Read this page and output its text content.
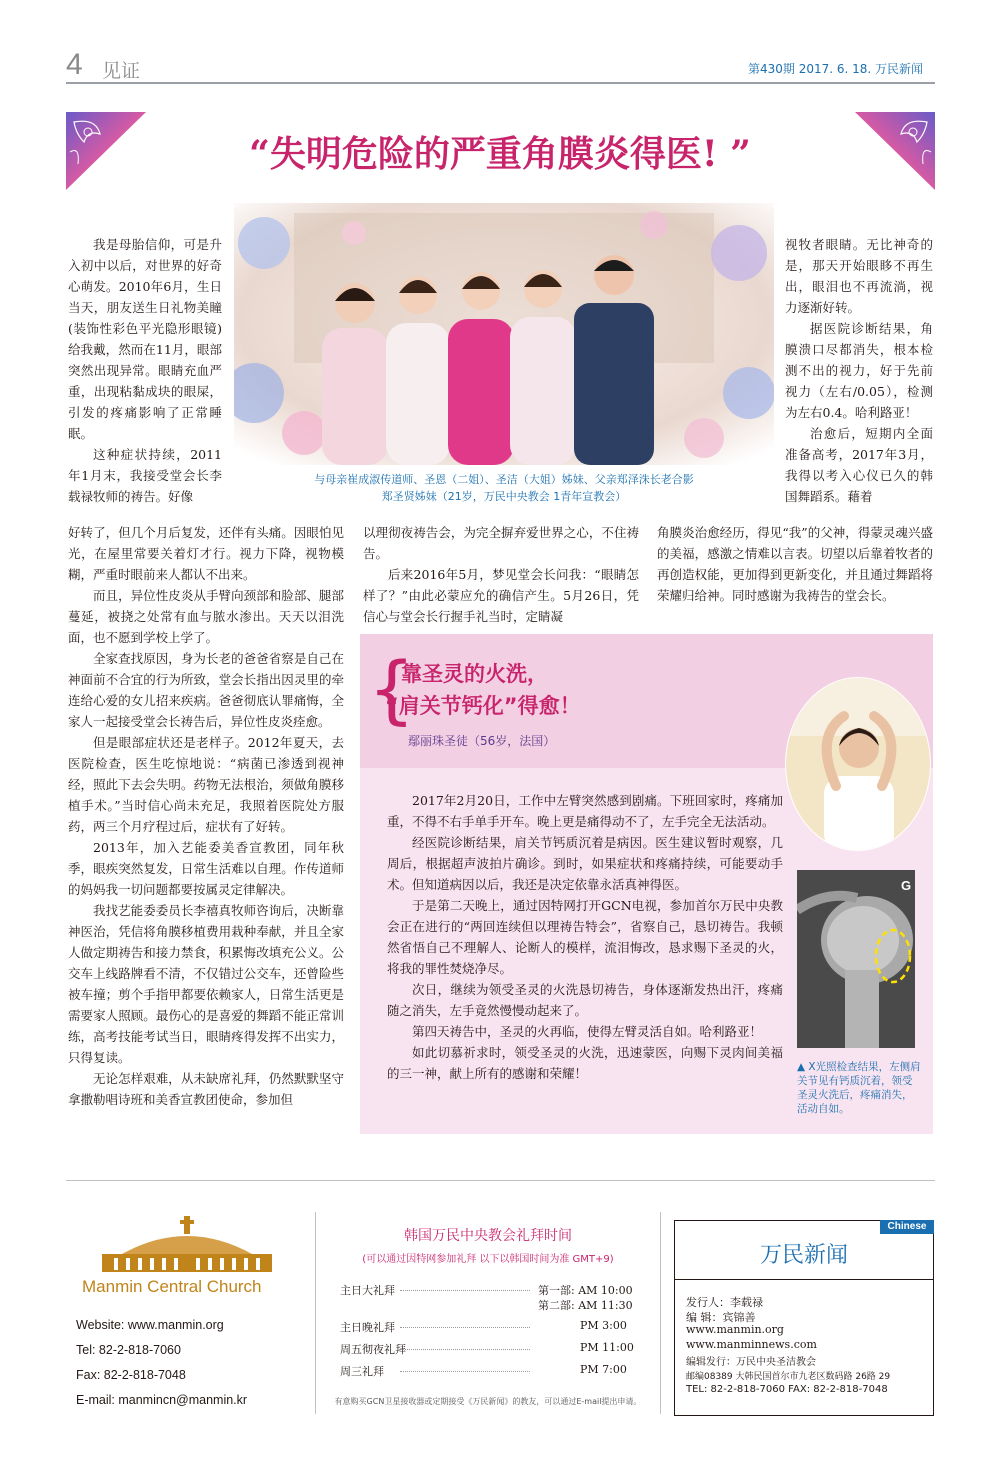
4 见证	第430期 2017. 6. 18. 万民新闻
“失明危险的严重角膜炎得医! ”
与母亲崔成淑传道师、圣恩（二姐）、圣洁（大姐）姊妹、父亲郑泽洙长老合影
郑圣贤姊妹（21岁，万民中央教会 1青年宣教会）

我是母胎信仰，可是升入初中以后，对世界的好奇心萌发。2010年6月，生日当天，朋友送生日礼物美瞳(装饰性彩色平光隐形眼镜)给我戴，然而在11月，眼部突然出现异常。眼睛充血严重，出现粘黏成块的眼屎，引发的疼痛影响了正常睡眠。

这种症状持续，2011年1月末，我接受堂会长李载禄牧师的祷告。好像

视牧者眼睛。无比神奇的是，那天开始眼眵不再生出，眼泪也不再流淌，视力逐渐好转。

据医院诊断结果，角膜溃口尽都消失，根本检测不出的视力，好于先前视力（左右/0.05），检测为左右0.4。哈利路亚！

治愈后，短期内全面准备高考，2017年3月，我得以考入心仪已久的韩国舞蹈系。藉着

好转了，但几个月后复发，还伴有头痛。因眼怕见光，在屋里常要关着灯才行。视力下降，视物模糊，严重时眼前来人都认不出来。

而且，异位性皮炎从手臂向颈部和脸部、腿部蔓延，被挠之处常有血与脓水渗出。天天以泪洗面，也不愿到学校上学了。

全家查找原因，身为长老的爸爸省察是自己在神面前不合宜的行为所致，堂会长指出因灵里的牵连给心爱的女儿招来疾病。爸爸彻底认罪痛悔，全家人一起接受堂会长祷告后，异位性皮炎痊愈。

但是眼部症状还是老样子。2012年夏天，去医院检查，医生吃惊地说：“病菌已渗透到视神经，照此下去会失明。药物无法根治，须做角膜移植手术。”当时信心尚未充足，我照着医院处方服药，两三个月疗程过后，症状有了好转。

2013年，加入艺能委美香宣教团，同年秋季，眼疾突然复发，日常生活难以自理。作传道师的妈妈我一切问题都要按属灵定律解决。

我找艺能委委员长李禧真牧师咨询后，决断靠神医治，凭信将角膜移植费用栽种奉献，并且全家人做定期祷告和接力禁食，积累悔改填充公义。公交车上线路牌看不清，不仅错过公交车，还曾险些被车撞；剪个手指甲都要依赖家人，日常生活更是需要家人照顾。最伤心的是喜爱的舞蹈不能正常训练，高考技能考试当日，眼睛疼得发挥不出实力，只得复读。

无论怎样艰难，从未缺席礼拜，仍然默默坚守拿撒勒唱诗班和美香宣教团使命，参加但

以理彻夜祷告会，为完全摒弃爱世界之心，不住祷告。

后来2016年5月，梦见堂会长问我：“眼睛怎样了？”由此必蒙应允的确信产生。5月26日，凭信心与堂会长行握手礼当时，定睛凝

角膜炎治愈经历，得见“我”的父神，得蒙灵魂兴盛的美福，感激之情难以言表。切望以后靠着牧者的再创造权能，更加得到更新变化，并且通过舞蹈将荣耀归给神。同时感谢为我祷告的堂会长。

{
靠圣灵的火洗，
“肩关节钙化”得愈！
鄢丽珠圣徒（56岁，法国）

2017年2月20日，工作中左臂突然感到剧痛。下班回家时，疼痛加重，不得不右手单手开车。晚上更是痛得动不了，左手完全无法活动。

经医院诊断结果，肩关节钙质沉着是病因。医生建议暂时观察，几周后，根据超声波拍片确诊。到时，如果症状和疼痛持续，可能要动手术。但知道病因以后，我还是决定依靠永活真神得医。

于是第二天晚上，通过因特网打开GCN电视，参加首尔万民中央教会正在进行的“两回连续但以理祷告特会”，省察自己，恳切祷告。我顿然省悟自己不理解人、论断人的模样，流泪悔改，恳求赐下圣灵的火，将我的罪性焚烧净尽。

次日，继续为领受圣灵的火洗恳切祷告，身体逐渐发热出汗，疼痛随之消失，左手竟然慢慢动起来了。

第四天祷告中，圣灵的火再临，使得左臂灵活自如。哈利路亚！

如此切慕祈求时，领受圣灵的火洗，迅速蒙医，向赐下灵肉间美福的三一神，献上所有的感谢和荣耀！

G
▲ X光照检查结果，左侧肩关节见有钙质沉着，领受圣灵火洗后，疼痛消失，活动自如。
Manmin Central Church
Website: www.manmin.org
Tel: 82-2-818-7060
Fax: 82-2-818-7048
E-mail: manmincn@manmin.kr
韩国万民中央教会礼拜时间
(可以通过因特网参加礼拜 以下以韩国时间为准 GMT+9)
主日大礼拜	第一部: AM 10:00
第二部: AM 11:30
主日晚礼拜	PM 3:00
周五彻夜礼拜	PM 11:00
周三礼拜	PM 7:00
有意购买GCN卫星接收器或定期接受《万民新闻》的教友，可以通过E-mail提出申请。
Chinese
万民新闻
发行人：李载禄
编 辑：宾锦善
www.manmin.org
www.manminnews.com
编辑发行：万民中央圣洁教会
邮编08389 大韩民国首尔市九老区数码路 26路 29
TEL: 82-2-818-7060 FAX: 82-2-818-7048
